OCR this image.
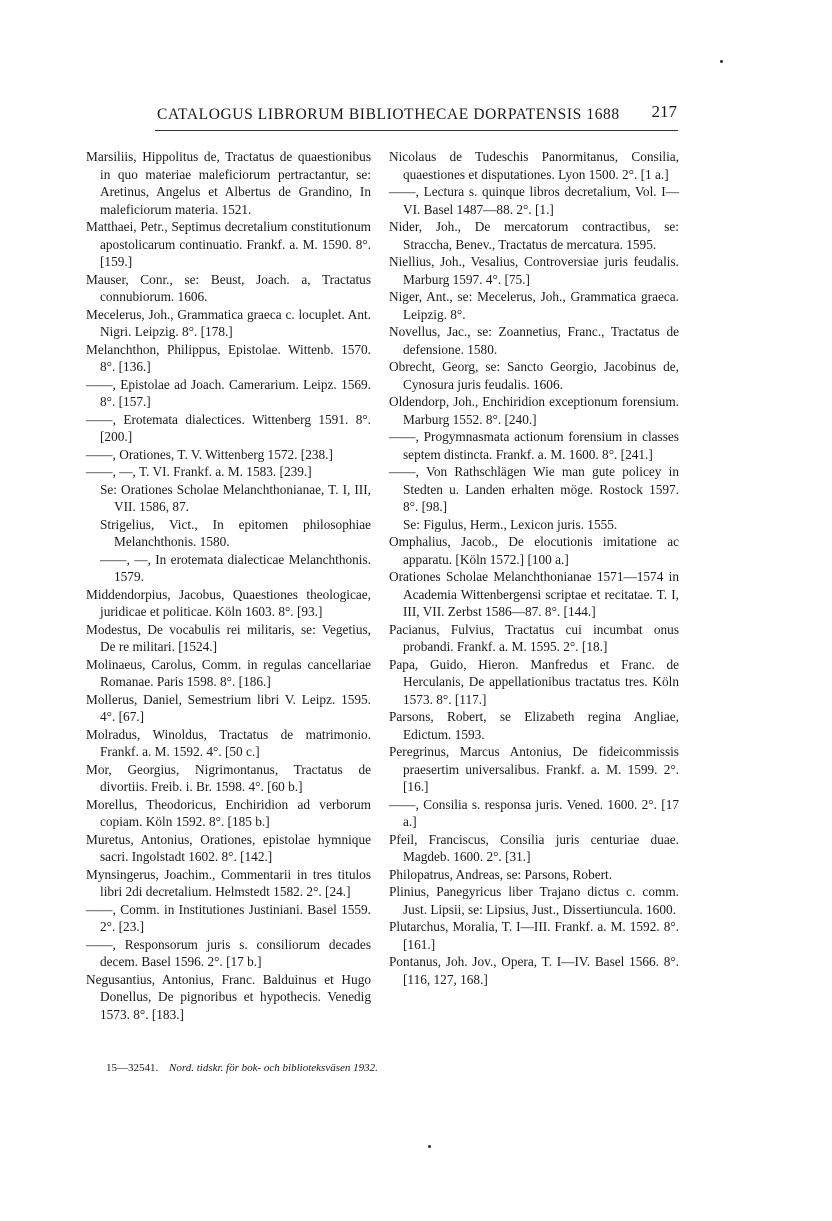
CATALOGUS LIBRORUM BIBLIOTHECAE DORPATENSIS 1688 217

Marsiliis, Hippolitus de, Tractatus de quaestionibus in quo materiae maleficiorum pertractantur, se: Aretinus, Angelus et Albertus de Grandino, In maleficiorum materia. 1521.

Matthaei, Petr., Septimus decretalium constitutionum apostolicarum continuatio. Frankf. a. M. 1590. 8°. [159.]

Mauser, Conr., se: Beust, Joach. a, Tractatus connubiorum. 1606.

Mecelerus, Joh., Grammatica graeca c. locuplet. Ant. Nigri. Leipzig. 8°. [178.]

Melanchthon, Philippus, Epistolae. Wittenb. 1570. 8°. [136.]

——, Epistolae ad Joach. Camerarium. Leipz. 1569. 8°. [157.]

——, Erotemata dialectices. Wittenberg 1591. 8°. [200.]

——, Orationes, T. V. Wittenberg 1572. [238.]

——, —, T. VI. Frankf. a. M. 1583. [239.]

Se: Orationes Scholae Melanchthonianae, T. I, III, VII. 1586, 87.

Strigelius, Vict., In epitomen philosophiae Melanchthonis. 1580.

——, —, In erotemata dialecticae Melanchthonis. 1579.

Middendorpius, Jacobus, Quaestiones theologicae, juridicae et politicae. Köln 1603. 8°. [93.]

Modestus, De vocabulis rei militaris, se: Vegetius, De re militari. [1524.]

Molinaeus, Carolus, Comm. in regulas cancellariae Romanae. Paris 1598. 8°. [186.]

Mollerus, Daniel, Semestrium libri V. Leipz. 1595. 4°. [67.]

Molradus, Winoldus, Tractatus de matrimonio. Frankf. a. M. 1592. 4°. [50 c.]

Mor, Georgius, Nigrimontanus, Tractatus de divortiis. Freib. i. Br. 1598. 4°. [60 b.]

Morellus, Theodoricus, Enchiridion ad verborum copiam. Köln 1592. 8°. [185 b.]

Muretus, Antonius, Orationes, epistolae hymnique sacri. Ingolstadt 1602. 8°. [142.]

Mynsingerus, Joachim., Commentarii in tres titulos libri 2di decretalium. Helmstedt 1582. 2°. [24.]

——, Comm. in Institutiones Justiniani. Basel 1559. 2°. [23.]

——, Responsorum juris s. consiliorum decades decem. Basel 1596. 2°. [17 b.]

Negusantius, Antonius, Franc. Balduinus et Hugo Donellus, De pignoribus et hypothecis. Venedig 1573. 8°. [183.]

Nicolaus de Tudeschis Panormitanus, Consilia, quaestiones et disputationes. Lyon 1500. 2°. [1 a.]

——, Lectura s. quinque libros decretalium, Vol. I—VI. Basel 1487—88. 2°. [1.]

Nider, Joh., De mercatorum contractibus, se: Straccha, Benev., Tractatus de mercatura. 1595.

Niellius, Joh., Vesalius, Controversiae juris feudalis. Marburg 1597. 4°. [75.]

Niger, Ant., se: Mecelerus, Joh., Grammatica graeca. Leipzig. 8°.

Novellus, Jac., se: Zoannetius, Franc., Tractatus de defensione. 1580.

Obrecht, Georg, se: Sancto Georgio, Jacobinus de, Cynosura juris feudalis. 1606.

Oldendorp, Joh., Enchiridion exceptionum forensium. Marburg 1552. 8°. [240.]

——, Progymnasmata actionum forensium in classes septem distincta. Frankf. a. M. 1600. 8°. [241.]

——, Von Rathschlägen Wie man gute policey in Stedten u. Landen erhalten möge. Rostock 1597. 8°. [98.]

Se: Figulus, Herm., Lexicon juris. 1555.

Omphalius, Jacob., De elocutionis imitatione ac apparatu. [Köln 1572.] [100 a.]

Orationes Scholae Melanchthonianae 1571—1574 in Academia Wittenbergensi scriptae et recitatae. T. I, III, VII. Zerbst 1586—87. 8°. [144.]

Pacianus, Fulvius, Tractatus cui incumbat onus probandi. Frankf. a. M. 1595. 2°. [18.]

Papa, Guido, Hieron. Manfredus et Franc. de Herculanis, De appellationibus tractatus tres. Köln 1573. 8°. [117.]

Parsons, Robert, se Elizabeth regina Angliae, Edictum. 1593.

Peregrinus, Marcus Antonius, De fideicommissis praesertim universalibus. Frankf. a. M. 1599. 2°. [16.]

——, Consilia s. responsa juris. Vened. 1600. 2°. [17 a.]

Pfeil, Franciscus, Consilia juris centuriae duae. Magdeb. 1600. 2°. [31.]

Philopatrus, Andreas, se: Parsons, Robert.

Plinius, Panegyricus liber Trajano dictus c. comm. Just. Lipsii, se: Lipsius, Just., Dissertiuncula. 1600.

Plutarchus, Moralia, T. I—III. Frankf. a. M. 1592. 8°. [161.]

Pontanus, Joh. Jov., Opera, T. I—IV. Basel 1566. 8°. [116, 127, 168.]

15—32541. Nord. tidskr. för bok- och biblioteksväsen 1932.
